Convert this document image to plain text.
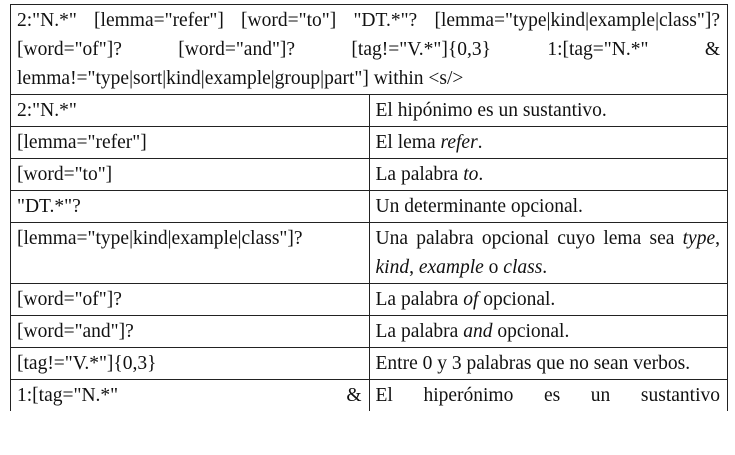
2:"N.*" [lemma="refer"] [word="to"] "DT.*"? [lemma="type|kind|example|class"]? [word="of"]? [word="and"]? [tag!="V.*"]{0,3} 1:[tag="N.*" & lemma!="type|sort|kind|example|group|part"] within <s/>	
2:"N.*"	El hipónimo es un sustantivo.
[lemma="refer"]	El lema refer.
[word="to"]	La palabra to.
"DT.*"?	Un determinante opcional.
[lemma="type|kind|example|class"]?	Una palabra opcional cuyo lema sea type, kind, example o class.
[word="of"]?	La palabra of opcional.
[word="and"]?	La palabra and opcional.
[tag!="V.*"]{0,3}	Entre 0 y 3 palabras que no sean verbos.
1:[tag="N.*" &	El hiperónimo es un sustantivo
